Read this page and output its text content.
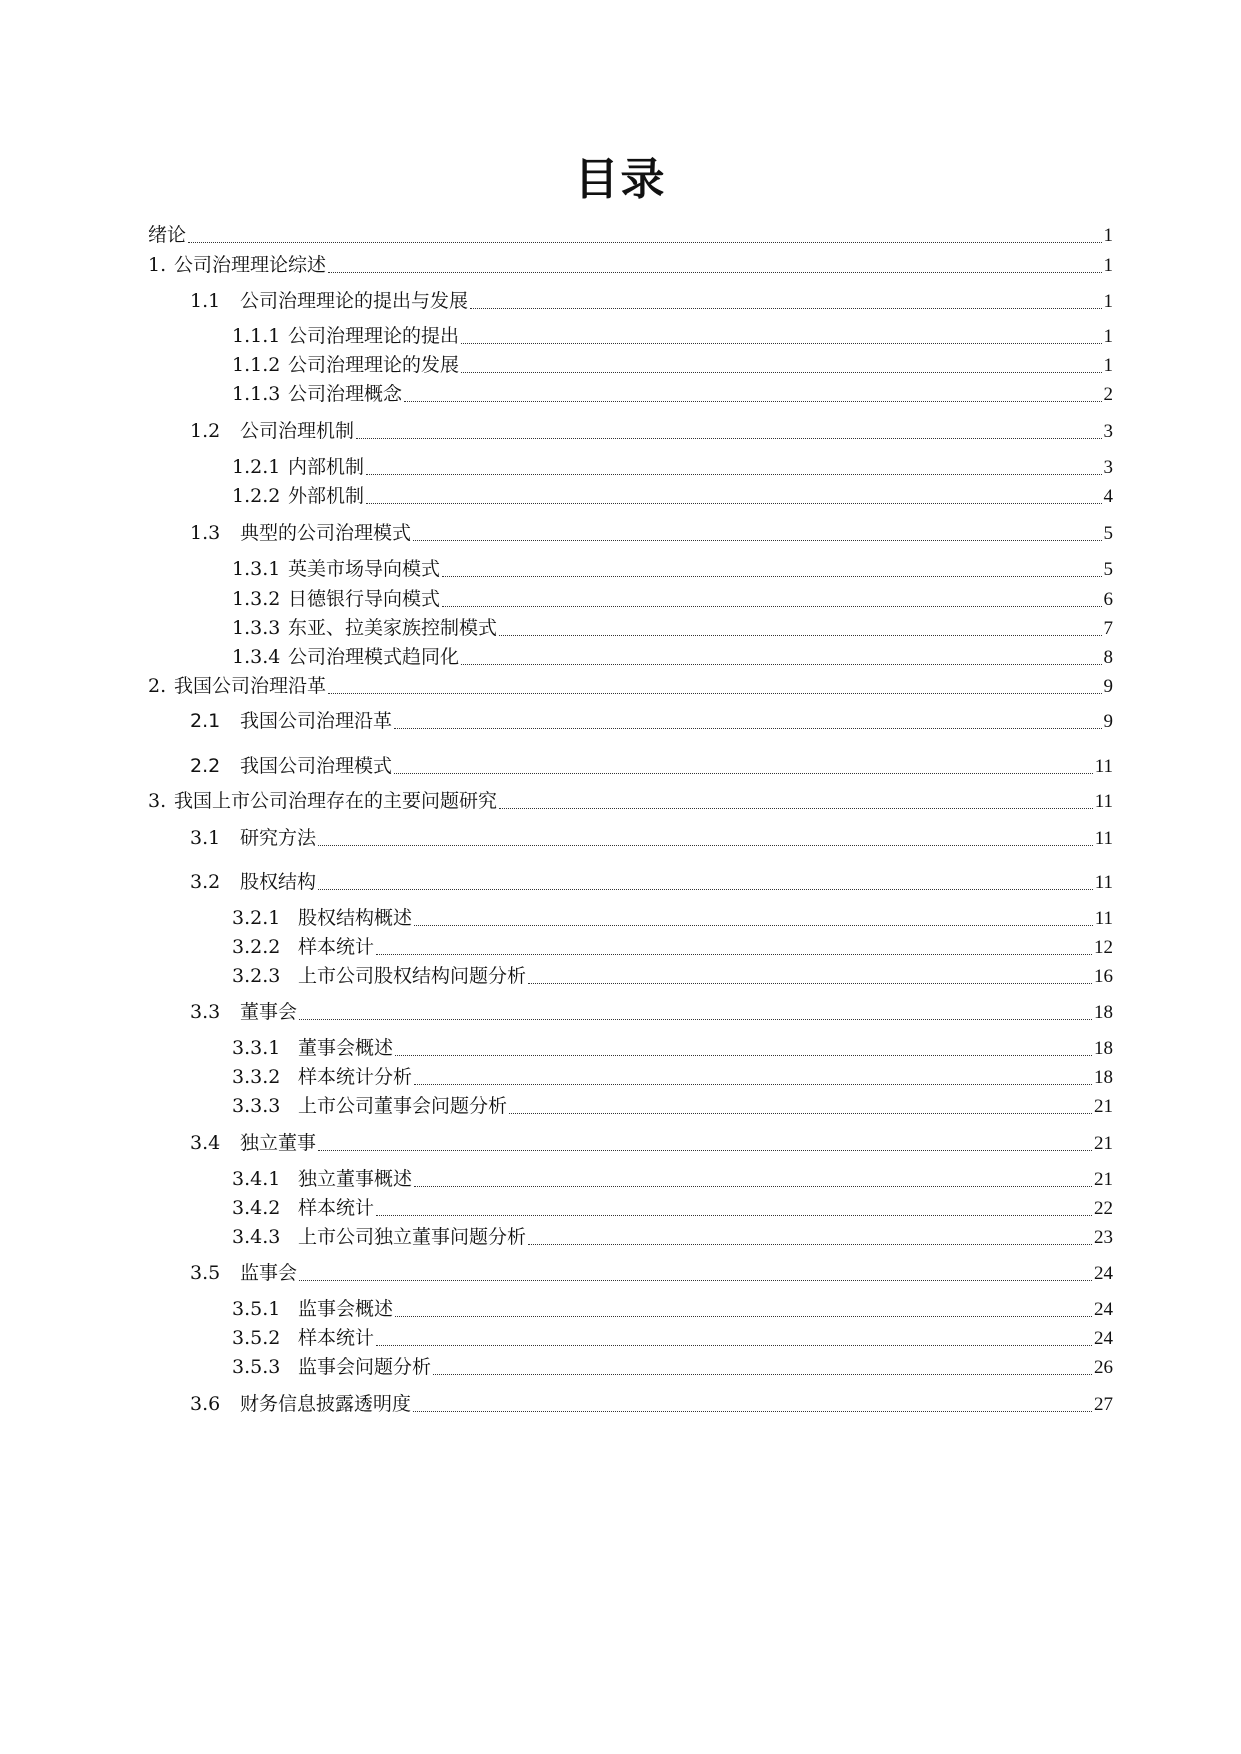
目录
绪论	1
1. 公司治理理论综述	1
1.1	公司治理理论的提出与发展	1
1.1.1 公司治理理论的提出	1
1.1.2 公司治理理论的发展	1
1.1.3 公司治理概念	2
1.2	公司治理机制	3
1.2.1 内部机制	3
1.2.2 外部机制	4
1.3	典型的公司治理模式	5
1.3.1 英美市场导向模式	5
1.3.2 日德银行导向模式	6
1.3.3 东亚、拉美家族控制模式	7
1.3.4 公司治理模式趋同化	8
2. 我国公司治理沿革	9
2.1	我国公司治理沿革	9
2.2	我国公司治理模式	11
3. 我国上市公司治理存在的主要问题研究	11
3.1	研究方法	11
3.2	股权结构	11
3.2.1 股权结构概述	11
3.2.2 样本统计	12
3.2.3 上市公司股权结构问题分析	16
3.3	董事会	18
3.3.1 董事会概述	18
3.3.2 样本统计分析	18
3.3.3 上市公司董事会问题分析	21
3.4	独立董事	21
3.4.1 独立董事概述	21
3.4.2 样本统计	22
3.4.3 上市公司独立董事问题分析	23
3.5	监事会	24
3.5.1 监事会概述	24
3.5.2 样本统计	24
3.5.3 监事会问题分析	26
3.6	财务信息披露透明度	27
